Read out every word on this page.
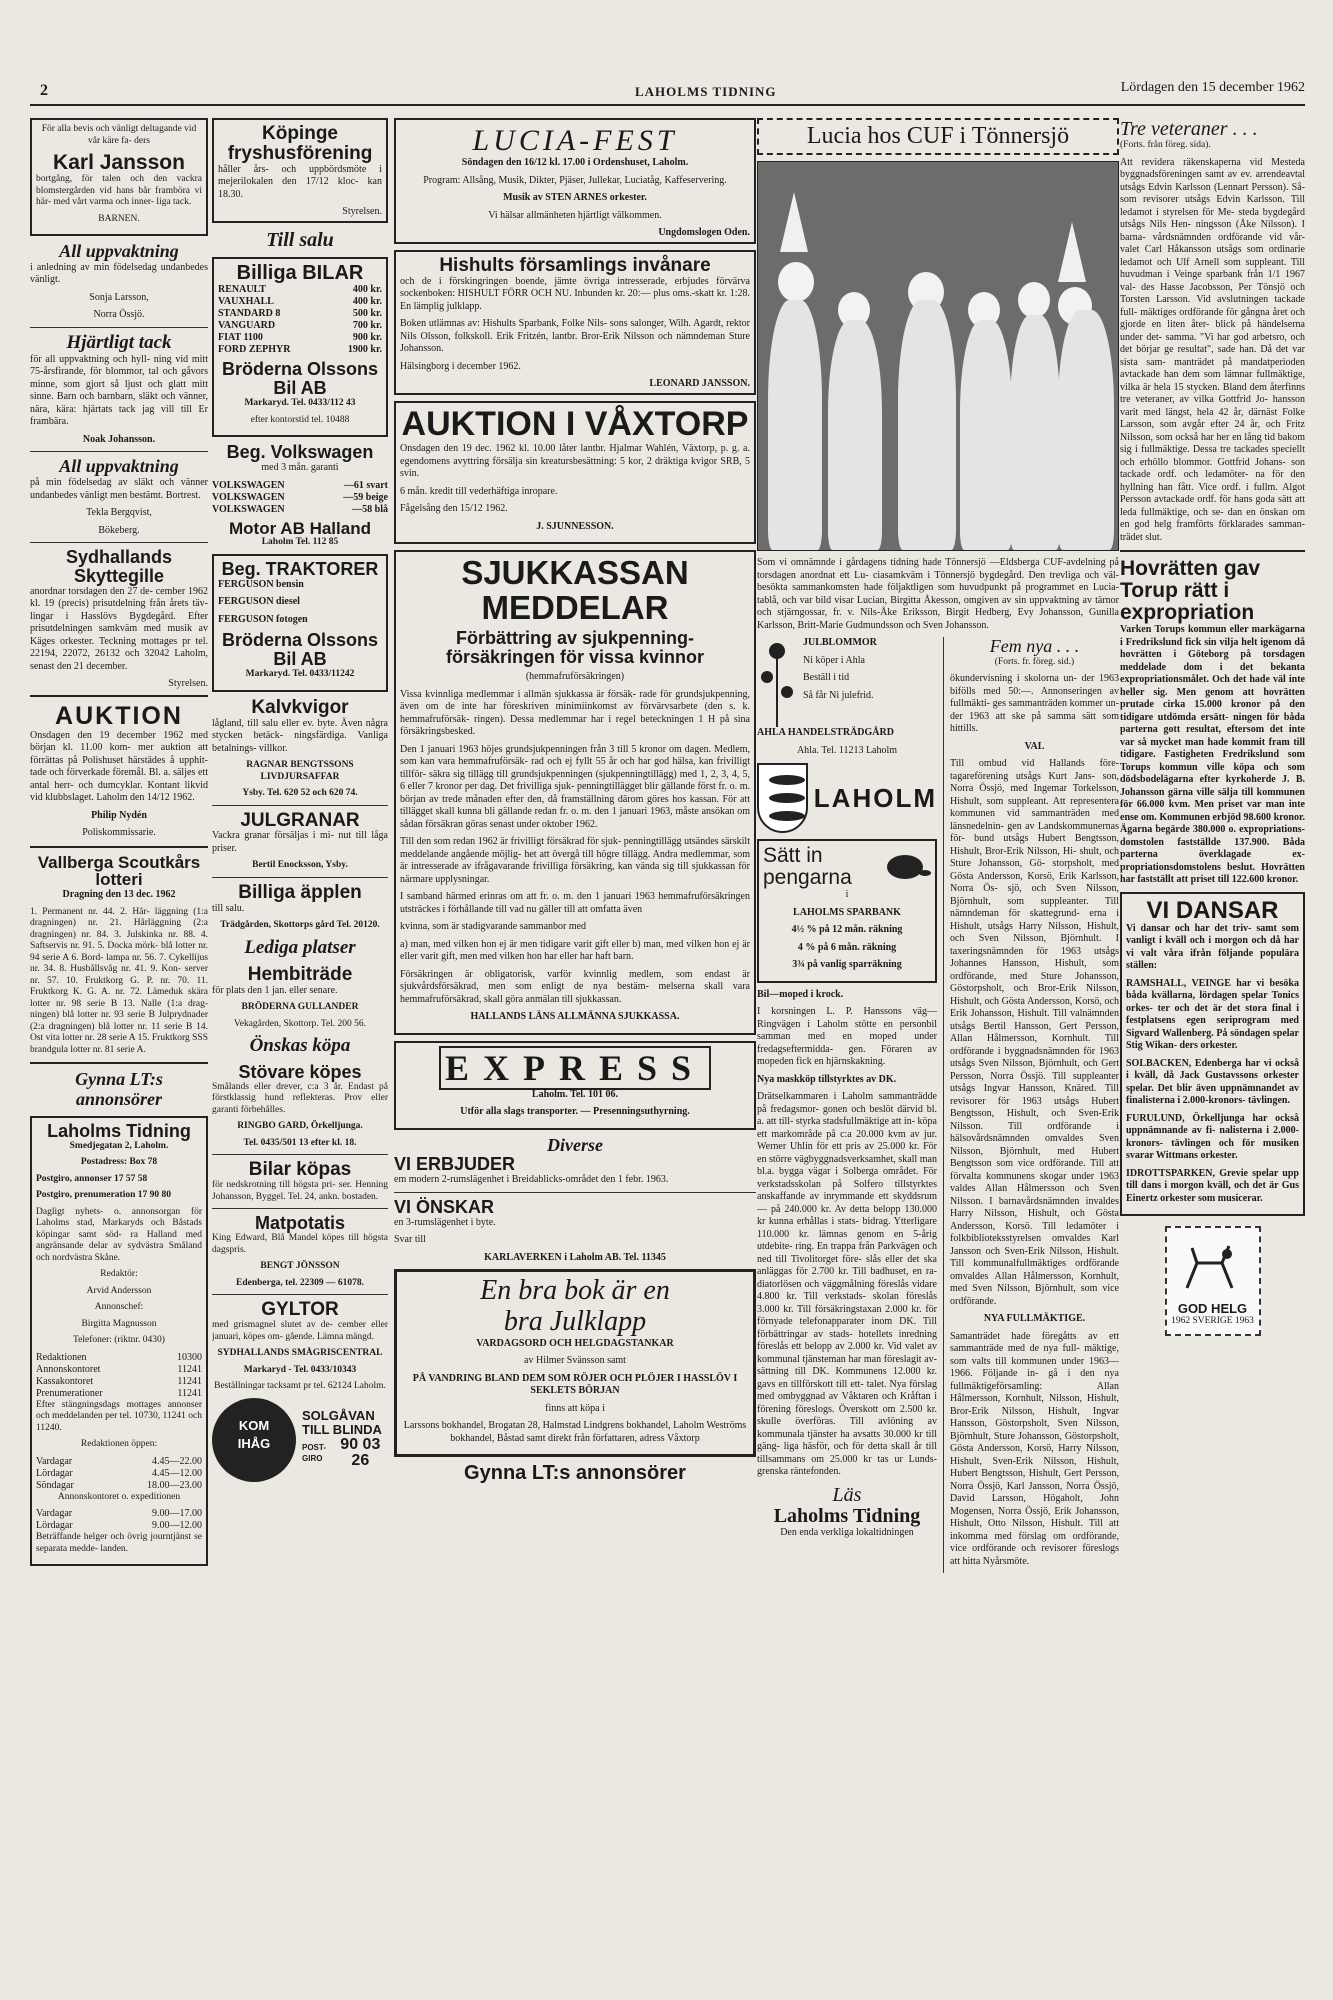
2	LAHOLMS TIDNING	Lördagen den 15 december 1962
För alla bevis och vänligt deltagande vid vår käre fa- ders
Karl Jansson
bortgång, för talen och den vackra blomstergården vid hans bår framböra vi här- med vårt varma och inner- liga tack.
BARNEN.
All uppvaktning
i anledning av min födelsedag undanbedes vänligt.
Sonja Larsson,
Norra Össjö.
Hjärtligt tack
för all uppvaktning och hyll- ning vid mitt 75-årsfirande, för blommor, tal och gåvors minne, som gjort så ljust och glatt mitt sinne. Barn och barnbarn, släkt och vänner, nära, kära: hjärtats tack jag vill till Er frambära.
Noak Johansson.
All uppvaktning
på min födelsedag av släkt och vänner undanbedes vänligt men bestämt. Bortrest.
Tekla Bergqvist,
Bökeberg.
Sydhallands Skyttegille
anordnar torsdagen den 27 de- cember 1962 kl. 19 (precis) prisutdelning från årets täv- lingar i Hasslövs Bygdegård. Efter prisutdelningen samkväm med musik av Käges orkester. Teckning mottages pr tel. 22194, 22072, 26132 och 32042 Laholm, senast den 21 december.
Styrelsen.
AUKTION
Onsdagen den 19 december 1962 med början kl. 11.00 kom- mer auktion att förrättas på Polishuset härstädes å upphit- tade och förverkade föremål. Bl. a. säljes ett antal herr- och dumcyklar. Kontant likvid vid klubbslaget. Laholm den 14/12 1962.
Philip Nydén
Poliskommissarie.
Vallberga Scoutkårs lotteri
Dragning den 13 dec. 1962
1. Permanent nr. 44. 2. Hår- läggning (1:a dragningen) nr. 21. Hårläggning (2:a dragningen) nr. 84. 3. Julskinka nr. 88. 4. Saftservis nr. 91. 5. Docka mörk- blå lotter nr. 94 serie A 6. Bord- lampa nr. 56. 7. Cykellijus nr. 34. 8. Husbållsvåg nr. 41. 9. Kon- server nr. 57. 10. Fruktkorg G. P. nr. 70. 11. Fruktkorg K. G. A. nr. 72. Lämeduk skära lotter nr. 98 serie B 13. Nalle (1:a drag- ningen) blå lotter nr. 93 serie B Julprydnader (2:a dragningen) blå lotter nr. 11 serie B 14. Ost vita lotter nr. 28 serie A 15. Fruktkorg SSS brandgula lotter nr. 81 serie A.
Gynna LT:s annonsörer
Laholms Tidning
Smedjegatan 2, Laholm.
Postadress: Box 78
Postgiro, annonser 17 57 58
Postgiro, prenumeration 17 90 80
Dagligt nyhets- o. annonsorgan för Laholms stad, Markaryds och Båstads köpingar samt söd- ra Halland med angränsande delar av sydvästra Småland och nordvästra Skåne.
Redaktör:
Arvid Andersson
Annonschef:
Birgitta Magnusson
Telefoner: (riktnr. 0430)
Redaktionen	10300
Annonskontoret	11241
Kassakontoret	11241
Prenumerationer	11241
Efter stängningsdags mottages annonser och meddelanden per tel. 10730, 11241 och 11240.
Redaktionen öppen:
Vardagar	4.45—22.00
Lördagar	4.45—12.00
Söndagar	18.00—23.00
Annonskontoret o. expeditionen
Vardagar	9.00—17.00
Lördagar	9.00—12.00
Beträffande helger och övrig journtjänst se separata medde- landen.
Köpinge fryshusförening
håller års- och uppbördsmöte i mejerilokalen den 17/12 kloc- kan 18.30.
Styrelsen.
Till salu
Billiga BILAR
RENAULT	400 kr.
VAUXHALL	400 kr.
STANDARD 8	500 kr.
VANGUARD	700 kr.
FIAT 1100	900 kr.
FORD ZEPHYR	1900 kr.
Bröderna Olssons Bil AB
Markaryd. Tel. 0433/112 43
efter kontorstid tel. 10488
Beg. Volkswagen
med 3 mån. garanti
VOLKSWAGEN	—61 svart
VOLKSWAGEN	—59 beige
VOLKSWAGEN	—58 blå
Motor AB Halland
Laholm Tel. 112 85
Beg. TRAKTORER
FERGUSON bensin
FERGUSON diesel
FERGUSON fotogen
Bröderna Olssons Bil AB
Markaryd. Tel. 0433/11242
Kalvkvigor
lågland, till salu eller ev. byte. Även några stycken betäck- ningsfärdiga. Vanliga betalnings- villkor.
RAGNAR BENGTSSONS LIVDJURSAFFAR
Ysby. Tel. 620 52 och 620 74.
JULGRANAR
Vackra granar försäljas i mi- nut till låga priser.
Bertil Enocksson, Ysby.
Billiga äpplen
till salu.
Trädgården, Skottorps gård Tel. 20120.
Lediga platser
Hembiträde
för plats den 1 jan. eller senare.
BRÖDERNA GULLANDER
Vekagården, Skottorp. Tel. 200 56.
Önskas köpa
Stövare köpes
Smålands eller drever, c:a 3 år. Endast på förstklassig hund reflekteras. Prov eller garanti förbehålles.
RINGBO GARD, Örkelljunga.
Tel. 0435/501 13 efter kl. 18.
Bilar köpas
för nedskrotning till högsta pri- ser. Henning Johansson, Byggel. Tel. 24, ankn. bostaden.
Matpotatis
King Edward, Blå Mandel köpes till högsta dagspris.
BENGT JÖNSSON
Edenberga, tel. 22309 — 61078.
GYLTOR
med grismagnel slutet av de- cember eller januari, köpes om- gående. Lämna mängd.
SYDHALLANDS SMÅGRISCENTRAL
Markaryd - Tel. 0433/10343
Beställningar tacksamt pr tel. 62124 Laholm.
KOM
IHÅG
SOLGÅVAN
TILL BLINDA
POST- GIRO
90 03 26
LUCIA-FEST
Söndagen den 16/12 kl. 17.00 i Ordenshuset, Laholm.
Program: Allsång, Musik, Dikter, Pjäser, Jullekar, Luciatåg, Kaffeservering.
Musik av STEN ARNES orkester.
Vi hälsar allmänheten hjärtligt välkommen.
Ungdomslogen Oden.
Hishults församlings invånare
och de i förskingringen boende, jämte övriga intresserade, erbjudes förvärva sockenboken: HISHULT FÖRR OCH NU. Inbunden kr. 20:— plus oms.-skatt kr. 1:28. En lämplig julklapp.
Boken utlämnas av: Hishults Sparbank, Folke Nils- sons salonger, Wilh. Agardt, rektor Nils Olsson, folkskoll. Erik Fritzén, lantbr. Bror-Erik Nilsson och nämndeman Sture Johansson.
Hälsingborg i december 1962.
LEONARD JANSSON.
AUKTION I VÅXTORP
Onsdagen den 19 dec. 1962 kl. 10.00 låter lantbr. Hjalmar Wahlén, Växtorp, p. g. a. egendomens avyttring försälja sin kreatursbesättning: 5 kor, 2 dräktiga kvigor SRB, 5 svin.
6 mån. kredit till vederhäftiga inropare.
Fågelsång den 15/12 1962.
J. SJUNNESSON.
SJUKKASSAN MEDDELAR
Förbättring av sjukpenning- försäkringen för vissa kvinnor
(hemmafruförsäkringen)
Vissa kvinnliga medlemmar i allmän sjukkassa är försäk- rade för grundsjukpenning, även om de inte har föreskriven minimiinkomst av förvärvsarbete (den s. k. hemmafruförsäk- ringen). Dessa medlemmar har i regel beteckningen 1 H på sina försäkringsbesked.
Den 1 januari 1963 höjes grundsjukpenningen från 3 till 5 kronor om dagen. Medlem, som kan vara hemmafruförsäk- rad och ej fyllt 55 år och har god hälsa, kan frivilligt tillför- säkra sig tillägg till grundsjukpenningen (sjukpenningtillägg) med 1, 2, 3, 4, 5, 6 eller 7 kronor per dag. Det frivilliga sjuk- penningtillägget blir gällande först fr. o. m. början av trede månaden efter den, då framställning därom göres hos kassan. För att tillägget skall kunna bli gällande redan fr. o. m. den 1 januari 1963, måste ansökan om sådan försäkran göras senast under oktober 1962.
Till den som redan 1962 är frivilligt försäkrad för sjuk- penningtillägg utsändes särskilt meddelande angående möjlig- het att övergå till högre tillägg. Andra medlemmar, som är intresserade av ifrågavarande frivilliga försäkring, kan vända sig till sjukkassan för närmare upplysningar.
I samband härmed erinras om att fr. o. m. den 1 januari 1963 hemmafruförsäkringen utsträckes i förhållande till vad nu gäller till att omfatta även
kvinna, som är stadigvarande sammanbor med
a) man, med vilken hon ej är men tidigare varit gift eller b) man, med vilken hon ej är eller varit gift, men med vilken hon har eller har haft barn.
Försäkringen är obligatorisk, varför kvinnlig medlem, som endast är sjukvårdsförsäkrad, men som enligt de nya bestäm- melserna skall vara hemmafruförsäkrad, skall göra anmälan till sjukkassan.
HALLANDS LÄNS ALLMÄNNA SJUKKASSA.
EXPRESS
Laholm. Tel. 101 06.
Utför alla slags transporter. — Presenningsuthyrning.
Diverse
VI ERBJUDER
em modern 2-rumslägenhet i Breidablicks-området den 1 febr. 1963.
VI ÖNSKAR
en 3-rumslägenhet i byte.
Svar till
KARLAVERKEN i Laholm AB. Tel. 11345
En bra bok är en
bra Julklapp
VARDAGSORD OCH HELGDAGSTANKAR
av Hilmer Svänsson samt
PÅ VANDRING BLAND DEM SOM RÖJER OCH PLÖJER I HASSLÖV I SEKLETS BÖRJAN
finns att köpa i
Larssons bokhandel, Brogatan 28, Halmstad Lindgrens bokhandel, Laholm Weströms bokhandel, Båstad samt direkt från författaren, adress Våxtorp
Gynna LT:s annonsörer
Lucia hos CUF i Tönnersjö
Som vi omnämnde i gårdagens tidning hade Tönnersjö —Eldsberga CUF-avdelning på torsdagen anordnat ett Lu- ciasamkväm i Tönnersjö bygdegård. Den trevliga och väl- besökta sammankomsten hade följaktligen som huvudpunkt på programmet en Lucia-tablå, och var bild visar Lucian, Birgitta Åkesson, omgiven av sin uppvaktning av tärnor och stjärngossar, fr. v. Nils-Åke Eriksson, Birgit Hedberg, Evy Johansson, Gunilla Karlsson, Britt-Marie Gudmundsson och Sven Johansson.
JULBLOMMOR
Ni köper i Ahla
Beställ i tid
Så får Ni julefrid.
AHLA HANDELSTRÄDGÅRD
Ahla. Tel. 11213 Laholm
LAHOLM
Sätt in pengarna
i
LAHOLMS SPARBANK
4½ % på 12 mån. räkning
4 % på 6 mån. räkning
3¾ på vanlig sparräkning
Bil—moped i krock.
I korsningen L. P. Hanssons väg—Ringvägen i Laholm stötte en personbil samman med en moped under fredagseftermidda- gen. Föraren av mopeden fick en hjärnskakning.
Nya maskköp tillstyrktes av DK.
Drätselkammaren i Laholm sammanträdde på fredagsmor- gonen och beslöt därvid bl. a. att till- styrka stadsfullmäktige att in- köpa ett markområde på c:a 20.000 kvm av jur. Werner Uhlin för ett pris av 25.000 kr. För en större vägbyggnadsverksamhet, skall man bl.a. bygga vägar i Solberga området. För verkstadsskolan på Solfero tillstyrktes anskaffande av inrymmande ett skyddsrum — på 240.000 kr. Av detta belopp 130.000 kr kunna erhållas i stats- bidrag. Ytterligare 110.000 kr. lämnas genom en 5-årig utdebite- ring. En trappa från Parkvägen och ned till Tivolitorget före- slås eller det ska anläggas för 2.700 kr. Till badhuset, en ra- diatorlösen och väggmålning föreslås vidare 4.800 kr. Till verkstads- skolan föreslås 3.000 kr. Till försäkringstaxan 2.000 kr. för förnyade telefonapparater inom DK. Till förbättringar av stads- hotellets inredning föreslås ett belopp av 2.000 kr. Vid valet av kommunal tjänsteman har man föreslagit av- sättning till DK. Kommunens 12.000 kr. gavs en tillförskott till ett- talet. Nya förslag med ombyggnad av Våktaren och Kråftan i förening föreslogs. Överskott om 2.500 kr. skulle överföras. Till avlöning av kommunala tjänster ha avsatts 30.000 kr till gäng- liga häsför, och för detta skall år till tillsammans om 25.000 kr tas ur Lunds- grenska räntefonden.
Läs
Laholms Tidning
Den enda verkliga lokaltidningen
Fem nya . . .
(Forts. fr. föreg. sid.)
ökundervisning i skolorna un- der 1963 bifölls med 50:—. Annonseringen av fullmäkti- ges sammanträden kommer un- der 1963 att ske på samma sätt som hittills.
VAL
Till ombud vid Hallands före- tagareförening utsågs Kurt Jans- son, Norra Össjö, med Ingemar Torkelsson, Hishult, som suppleant. Att representera kommunen vid sammanträden med länsnedelnin- gen av Landskommunernas för- bund utsågs Hubert Bengtsson, Hishult, Bror-Erik Nilsson, Hi- shult, och Sture Johansson, Gö- storpsholt, med Gösta Andersson, Korsö, Erik Karlsson, Norra Ös- sjö, och Sven Nilsson, Björnhult, som suppleanter. Till nämndeman för skattegrund- erna i Hishult, utsågs Harry Nilsson, Hishult, och Sven Nilsson, Björnhult. I taxeringsnämnden för 1963 utsågs Johannes Hansson, Hishult, som ordförande, med Sture Johansson, Göstorpsholt, och Bror-Erik Nilsson, Hishult, och Gösta Andersson, Korsö, och Erik Johansson, Hishult. Till valnämnden utsågs Bertil Hansson, Gert Persson, Allan Hålmersson, Kornhult. Till ordförande i byggnadsnämnden för 1963 utsågs Sven Nilsson, Björnhult, och Gert Persson, Norra Össjö. Till suppleanter utsågs Ingvar Hansson, Knäred. Till revisorer för 1963 utsågs Hubert Bengtsson, Hishult, och Sven-Erik Nilsson. Till ordförande i hälsovårdsnämnden omvaldes Sven Nilsson, Björnhult, med Hubert Bengtsson som vice ordförande. Till att förvalta kommunens skogar under 1963 valdes Allan Hålmersson och Sven Nilsson. I barnavårdsnämnden invaldes Harry Nilsson, Hishult, och Gösta Andersson, Korsö. Till ledamöter i folkbiblioteksstyrelsen omvaldes Karl Jansson och Sven-Erik Nilsson, Hishult. Till kommunalfullmäktiges ordförande omvaldes Allan Hålmersson, Kornhult, med Sven Nilsson, Björnhult, som vice ordförande.
NYA FULLMÄKTIGE.
Samanträdet hade föregåtts av ett sammanträde med de nya full- mäktige, som valts till kommunen under 1963—1966. Följande in- gå i den nya fullmäktigeförsamling: Allan Hålmersson, Kornhult, Nilsson, Hishult, Bror-Erik Nilsson, Hishult, Ingvar Hansson, Göstorpsholt, Sven Nilsson, Björnhult, Sture Johansson, Göstorpsholt, Gösta Andersson, Korsö, Harry Nilsson, Hishult, Sven-Erik Nilsson, Hishult, Hubert Bengtsson, Hishult, Gert Persson, Norra Össjö, Karl Jansson, Norra Össjö, David Larsson, Högaholt, John Mogensen, Norra Össjö, Erik Johansson, Hishult, Otto Nilsson, Hishult. Till att inkomma med förslag om ordförande, vice ordförande och revisorer föreslogs att hitta Nyårsmöte.
Tre veteraner . . .
(Forts. från föreg. sida).
Att revidera räkenskaperna vid Mesteda byggnadsföreningen samt av ev. arrendeavtal utsågs Edvin Karlsson (Lennart Persson). Så- som revisorer utsågs Edvin Karlsson. Till ledamot i styrelsen för Me- steda bygdegård utsågs Nils Hen- ningsson (Åke Nilsson). I barna- vårdsnämnden ordförande vid vår- valet Carl Håkansson utsågs som ordinarie ledamot och Ulf Arnell som suppleant. Till huvudman i Veinge sparbank från 1/1 1967 val- des Hasse Jacobsson, Per Tönsjö och Torsten Larsson. Vid avslutningen tackade full- mäktiges ordförande för gångna året och gjorde en liten åter- blick på händelserna under det- samma. "Vi har god arbetsro, och det börjar ge resultat", sade han. Då det var sista sam- manträdet på mandatperioden avtackade han dem som lämnar fullmäktige, vilka är hela 15 stycken. Bland dem återfinns tre veteraner, av vilka Gottfrid Jo- hansson varit med längst, hela 42 år, därnäst Folke Larsson, som avgår efter 24 år, och Fritz Nilsson, som också har her en lång tid bakom sig i fullmäktige. Dessa tre tackades speciellt och erhöllo blommor. Gottfrid Johans- son tackade ordf. och ledamöter- na för den hyllning han fått. Vice ordf. i fullm. Algot Persson avtackade ordf. för hans goda sätt att leda fullmäktige, och se- dan en önskan om en god helg framförts förklarades samman- trädet slut.
Hovrätten gav Torup rätt i expropriation
Varken Torups kommun eller markägarna i Fredrikslund fick sin vilja helt igenom då hovrätten i Göteborg på torsdagen meddelade dom i det bekanta expropriationsmålet. Och det hade väl inte heller sig. Men genom att hovrätten prutade cirka 15.000 kronor på den tidigare utdömda ersätt- ningen för båda parterna gott resultat, eftersom det inte var så mycket man hade kommit fram till tidigare. Fastigheten Fredrikslund som Torups kommun ville köpa och som dödsbodelägarna efter kyrkoherde J. B. Johansson gärna ville sälja till kommunen för 66.000 kvm. Men priset var man inte ense om. Kommunen erbjöd 98.600 kronor. Ägarna begärde 380.000 o. expropriations- domstolen fastställde 137.900. Båda parterna överklagade ex- propriationsdomstolens beslut. Hovrätten har fastställt att priset till 122.600 kronor.
VI DANSAR
Vi dansar och har det triv- samt som vanligt i kväll och i morgon och då har vi valt våra ifrån följande populära ställen:
RAMSHALL, VEINGE har vi besöka båda kvällarna, lördagen spelar Tonics orkes- ter och det är det stora final i festplatsens egen seriprogram med Sigvard Wallenberg. På söndagen spelar Stig Wikan- ders orkester.
SOLBACKEN, Edenberga har vi också i kväll, då Jack Gustavssons orkester spelar. Det blir även uppnämnandet av finalisterna i 2.000-kronors- tävlingen.
FURULUND, Örkelljunga har också uppnämnande av fi- nalisterna i 2.000-kronors- tävlingen och för musiken svarar Wittmans orkester.
IDROTTSPARKEN, Grevie spelar upp till dans i morgon kväll, och det är Gus Einertz orkester som musicerar.
GOD HELG
1962 SVERIGE 1963
